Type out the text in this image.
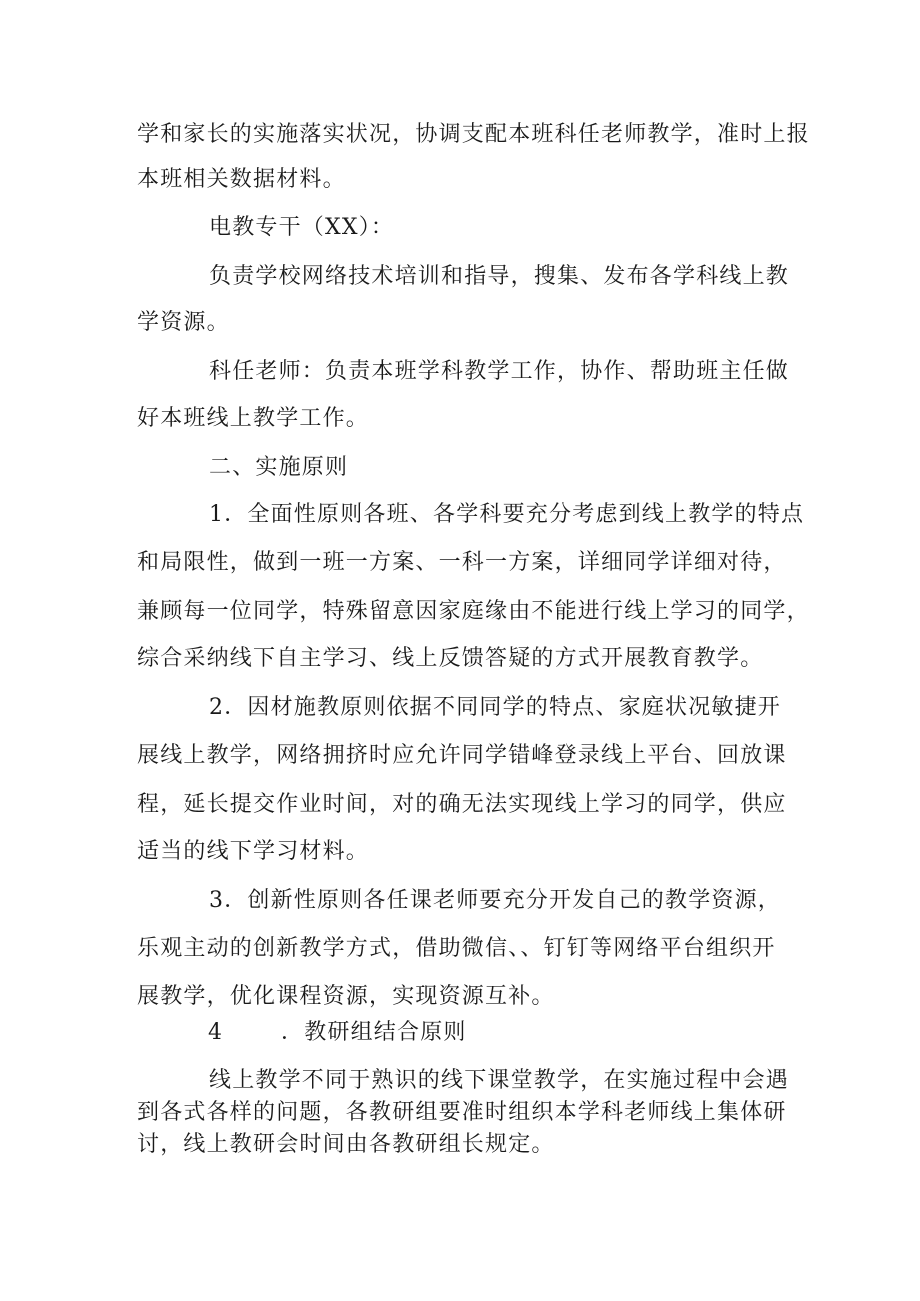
学和家长的实施落实状况，协调支配本班科任老师教学，准时上报
本班相关数据材料。
电教专干（XX）：
负责学校网络技术培训和指导，搜集、发布各学科线上教
学资源。
科任老师：负责本班学科教学工作，协作、帮助班主任做
好本班线上教学工作。
二、实施原则
1．全面性原则各班、各学科要充分考虑到线上教学的特点
和局限性，做到一班一方案、一科一方案，详细同学详细对待，
兼顾每一位同学，特殊留意因家庭缘由不能进行线上学习的同学，
综合采纳线下自主学习、线上反馈答疑的方式开展教育教学。
2．因材施教原则依据不同同学的特点、家庭状况敏捷开
展线上教学，网络拥挤时应允许同学错峰登录线上平台、回放课
程，延长提交作业时间，对的确无法实现线上学习的同学，供应
适当的线下学习材料。
3．创新性原则各任课老师要充分开发自己的教学资源，
乐观主动的创新教学方式，借助微信、、钉钉等网络平台组织开
展教学，优化课程资源，实现资源互补。
4	．教研组结合原则
线上教学不同于熟识的线下课堂教学，在实施过程中会遇
到各式各样的问题，各教研组要准时组织本学科老师线上集体研
讨，线上教研会时间由各教研组长规定。
